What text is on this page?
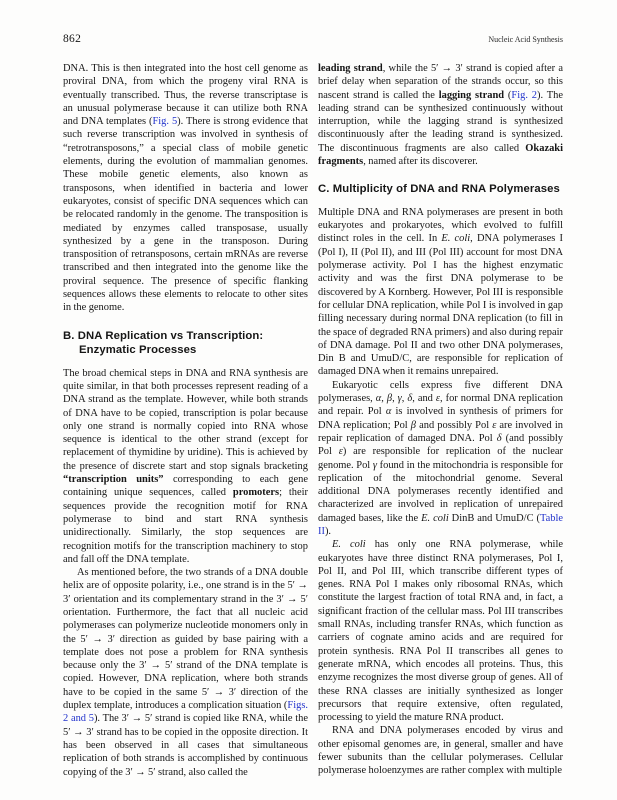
862	Nucleic Acid Synthesis

DNA. This is then integrated into the host cell genome as proviral DNA, from which the progeny viral RNA is eventually transcribed. Thus, the reverse transcriptase is an unusual polymerase because it can utilize both RNA and DNA templates (Fig. 5). There is strong evidence that such reverse transcription was involved in synthesis of “retrotransposons,” a special class of mobile genetic elements, during the evolution of mammalian genomes. These mobile genetic elements, also known as transposons, when identified in bacteria and lower eukaryotes, consist of specific DNA sequences which can be relocated randomly in the genome. The transposition is mediated by enzymes called transposase, usually synthesized by a gene in the transposon. During transposition of retransposons, certain mRNAs are reverse transcribed and then integrated into the genome like the proviral sequence. The presence of specific flanking sequences allows these elements to relocate to other sites in the genome.

B. DNA Replication vs Transcription:
Enzymatic Processes

The broad chemical steps in DNA and RNA synthesis are quite similar, in that both processes represent reading of a DNA strand as the template. However, while both strands of DNA have to be copied, transcription is polar because only one strand is normally copied into RNA whose sequence is identical to the other strand (except for replacement of thymidine by uridine). This is achieved by the presence of discrete start and stop signals bracketing “transcription units” corresponding to each gene containing unique sequences, called promoters; their sequences provide the recognition motif for RNA polymerase to bind and start RNA synthesis unidirectionally. Similarly, the stop sequences are recognition motifs for the transcription machinery to stop and fall off the DNA template.

As mentioned before, the two strands of a DNA double helix are of opposite polarity, i.e., one strand is in the 5′ → 3′ orientation and its complementary strand in the 3′ → 5′ orientation. Furthermore, the fact that all nucleic acid polymerases can polymerize nucleotide monomers only in the 5′ → 3′ direction as guided by base pairing with a template does not pose a problem for RNA synthesis because only the 3′ → 5′ strand of the DNA template is copied. However, DNA replication, where both strands have to be copied in the same 5′ → 3′ direction of the duplex template, introduces a complication situation (Figs. 2 and 5). The 3′ → 5′ strand is copied like RNA, while the 5′ → 3′ strand has to be copied in the opposite direction. It has been observed in all cases that simultaneous replication of both strands is accomplished by continuous copying of the 3′ → 5′ strand, also called the

leading strand, while the 5′ → 3′ strand is copied after a brief delay when separation of the strands occur, so this nascent strand is called the lagging strand (Fig. 2). The leading strand can be synthesized continuously without interruption, while the lagging strand is synthesized discontinuously after the leading strand is synthesized. The discontinuous fragments are also called Okazaki fragments, named after its discoverer.

C. Multiplicity of DNA and RNA Polymerases

Multiple DNA and RNA polymerases are present in both eukaryotes and prokaryotes, which evolved to fulfill distinct roles in the cell. In E. coli, DNA polymerases I (Pol I), II (Pol II), and III (Pol III) account for most DNA polymerase activity. Pol I has the highest enzymatic activity and was the first DNA polymerase to be discovered by A Kornberg. However, Pol III is responsible for cellular DNA replication, while Pol I is involved in gap filling necessary during normal DNA replication (to fill in the space of degraded RNA primers) and also during repair of DNA damage. Pol II and two other DNA polymerases, Din B and UmuD/C, are responsible for replication of damaged DNA when it remains unrepaired.

Eukaryotic cells express five different DNA polymerases, α, β, γ, δ, and ε, for normal DNA replication and repair. Pol α is involved in synthesis of primers for DNA replication; Pol β and possibly Pol ε are involved in repair replication of damaged DNA. Pol δ (and possibly Pol ε) are responsible for replication of the nuclear genome. Pol γ found in the mitochondria is responsible for replication of the mitochondrial genome. Several additional DNA polymerases recently identified and characterized are involved in replication of unrepaired damaged bases, like the E. coli DinB and UmuD/C (Table II).

E. coli has only one RNA polymerase, while eukaryotes have three distinct RNA polymerases, Pol I, Pol II, and Pol III, which transcribe different types of genes. RNA Pol I makes only ribosomal RNAs, which constitute the largest fraction of total RNA and, in fact, a significant fraction of the cellular mass. Pol III transcribes small RNAs, including transfer RNAs, which function as carriers of cognate amino acids and are required for protein synthesis. RNA Pol II transcribes all genes to generate mRNA, which encodes all proteins. Thus, this enzyme recognizes the most diverse group of genes. All of these RNA classes are initially synthesized as longer precursors that require extensive, often regulated, processing to yield the mature RNA product.

RNA and DNA polymerases encoded by virus and other episomal genomes are, in general, smaller and have fewer subunits than the cellular polymerases. Cellular polymerase holoenzymes are rather complex with multiple
